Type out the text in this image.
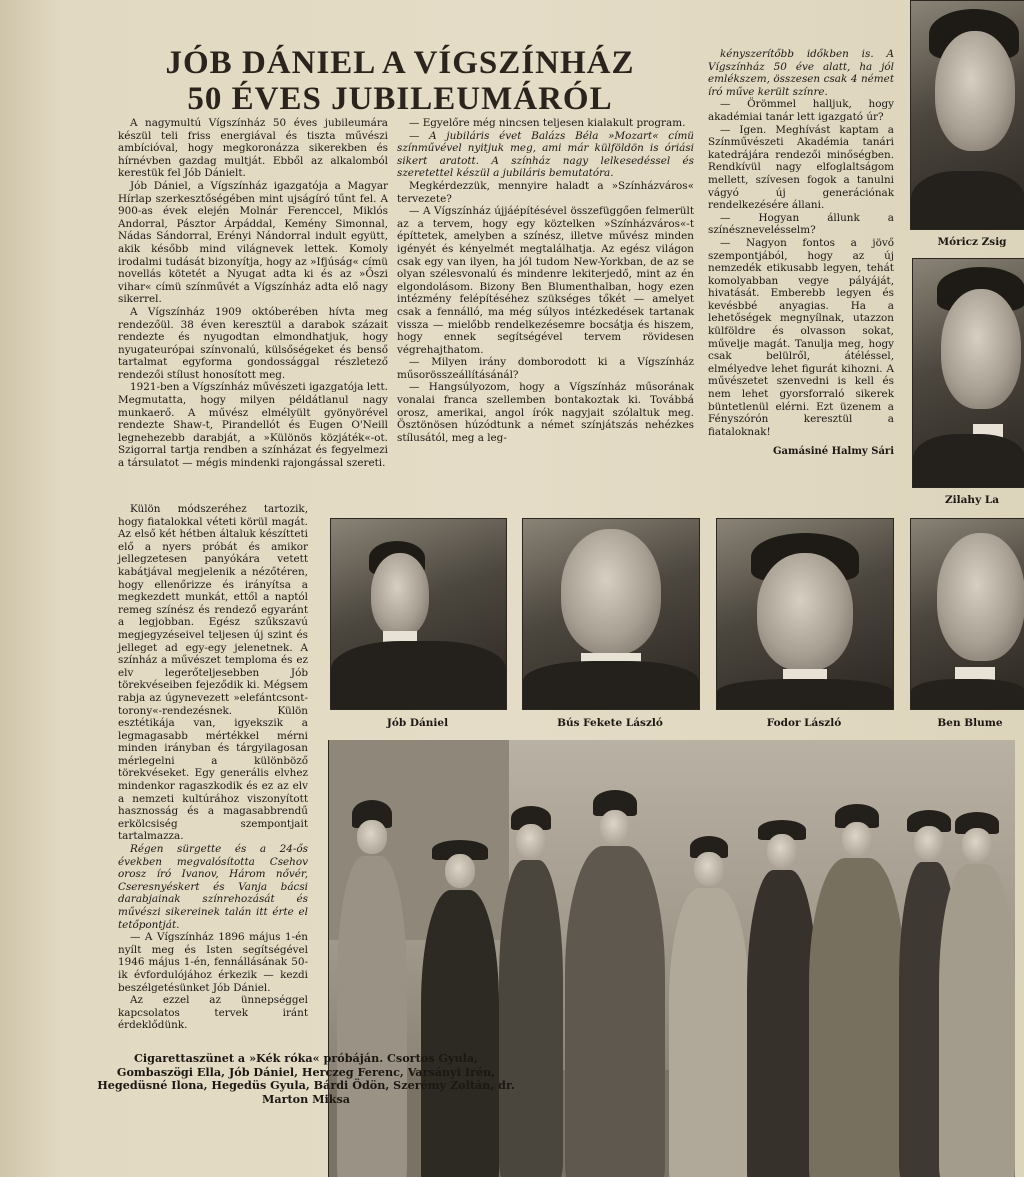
JÓB DÁNIEL A VÍGSZÍNHÁZ
50 ÉVES JUBILEUMÁRÓL

A nagymultú Vígszínház 50 éves jubileumára készül teli friss energiával és tiszta művészi ambícióval, hogy megkoronázza sikerekben és hírnévben gazdag multját. Ebből az alkalomból kerestük fel Jób Dánielt.

Jób Dániel, a Vígszínház igazgatója a Magyar Hírlap szerkesztőségében mint ujságíró tűnt fel. A 900-as évek elején Molnár Ferenccel, Miklós Andorral, Pásztor Árpáddal, Kemény Simonnal, Nádas Sándorral, Erényi Nándorral indult együtt, akik később mind világnevek lettek. Komoly irodalmi tudását bizonyítja, hogy az »Ifjúság« címü novellás kötetét a Nyugat adta ki és az »Őszi vihar« címü színművét a Vígszínház adta elő nagy sikerrel.

A Vígszínház 1909 októberében hívta meg rendezőül. 38 éven keresztül a darabok százait rendezte és nyugodtan elmondhatjuk, hogy nyugateurópai színvonalú, külsőségeket és benső tartalmat egyforma gondossággal részletező rendezői stílust honosított meg.

1921-ben a Vígszínház művészeti igazgatója lett. Megmutatta, hogy milyen példátlanul nagy munkaerő. A művész elmélyült gyönyörével rendezte Shaw-t, Pirandellót és Eugen O'Neill legnehezebb darabját, a »Különös közjáték«-ot. Szigorral tartja rendben a színházat és fegyelmezi a társulatot — mégis mindenki rajongással szereti.

Külön módszeréhez tartozik, hogy fiatalokkal véteti körül magát. Az első két hétben általuk készítteti elő a nyers próbát és amikor jellegzetesen panyókára vetett kabátjával megjelenik a nézőtéren, hogy ellenőrizze és irányítsa a megkezdett munkát, ettől a naptól remeg színész és rendező egyaránt a legjobban. Egész szűkszavú megjegyzéseivel teljesen új szint és jelleget ad egy-egy jelenetnek. A színház a művészet temploma és ez elv legerőteljesebben Jób törekvéseiben fejeződik ki. Mégsem rabja az úgynevezett »elefántcsont-torony«-rendezésnek. Külön esztétikája van, igyekszik a legmagasabb mértékkel mérni minden irányban és tárgyilagosan mérlegelni a különböző törekvéseket. Egy generális elvhez mindenkor ragaszkodik és ez az elv a nemzeti kultúrához viszonyított hasznosság és a magasabbrendű erkölcsiség szempontjait tartalmazza.

Régen sürgette és a 24-ős években megvalósította Csehov orosz író Ivanov, Három nővér, Cseresnyéskert és Vanja bácsi darabjainak színrehozását és művészi sikereinek talán itt érte el tetőpontját.

— A Vígszínház 1896 május 1-én nyílt meg és Isten segítségével 1946 május 1-én, fennállásának 50-ik évfordulójához érkezik — kezdi beszélgetésünket Jób Dániel.

Az ezzel az ünnepséggel kapcsolatos tervek iránt érdeklődünk.

— Egyelőre még nincsen teljesen kialakult program.

— A jubiláris évet Balázs Béla »Mozart« címü színművével nyitjuk meg, ami már külföldön is óriási sikert aratott. A színház nagy lelkesedéssel és szeretettel készül a jubiláris bemutatóra.

Megkérdezzük, mennyire haladt a »Színházváros« tervezete?

— A Vígszínház újjáépítésével összefüggően felmerült az a tervem, hogy egy köztelken »Színházváros«-t építtetek, amelyben a színész, illetve művész minden igényét és kényelmét megtalálhatja. Az egész világon csak egy van ilyen, ha jól tudom New-Yorkban, de az se olyan szélesvonalú és mindenre lekiterjedő, mint az én elgondolásom. Bizony Ben Blumenthalban, hogy ezen intézmény felépítéséhez szükséges tőkét — amelyet csak a fennálló, ma még súlyos intézkedések tartanak vissza — mielőbb rendelkezésemre bocsátja és hiszem, hogy ennek segítségével tervem rövidesen végrehajthatom.

— Milyen irány domborodott ki a Vígszínház műsorösszeállításánál?

— Hangsúlyozom, hogy a Vígszínház műsorának vonalai franca szellemben bontakoztak ki. Továbbá orosz, amerikai, angol írók nagyjait szólaltuk meg. Ösztönösen húzódtunk a német színjátszás nehézkes stílusától, meg a leg-

kényszerítőbb időkben is. A Vígszínház 50 éve alatt, ha jól emlékszem, összesen csak 4 német író műve került színre.

— Örömmel halljuk, hogy akadémiai tanár lett igazgató úr?

— Igen. Meghívást kaptam a Színművészeti Akadémia tanári katedrájára rendezői minőségben. Rendkívül nagy elfoglaltságom mellett, szívesen fogok a tanulni vágyó új generációnak rendelkezésére állani.

— Hogyan állunk a színésznevelésselm?

— Nagyon fontos a jövő szempontjából, hogy az új nemzedék etikusabb legyen, tehát komolyabban vegye pályáját, hivatását. Emberebb legyen és kevésbbé anyagias. Ha a lehetőségek megnyílnak, utazzon külföldre és olvasson sokat, művelje magát. Tanulja meg, hogy csak belülről, átéléssel, elmélyedve lehet figurát kihozni. A művészetet szenvedni is kell és nem lehet gyorsforraló sikerek büntetlenül elérni. Ezt üzenem a Fényszórón keresztül a fiataloknak!

Gamásiné Halmy Sári
Móricz Zsig
Zilahy La
Jób Dániel	Bús Fekete László	Fodor László	Ben Blume
Cigarettaszünet a »Kék róka« próbáján. Csortos Gyula, Gombaszögi Ella, Jób Dániel, Herczeg Ferenc, Varsányi Irén, Hegedüsné Ilona, Hegedüs Gyula, Bárdi Ödön, Szerémy Zoltán, dr. Marton Miksa
